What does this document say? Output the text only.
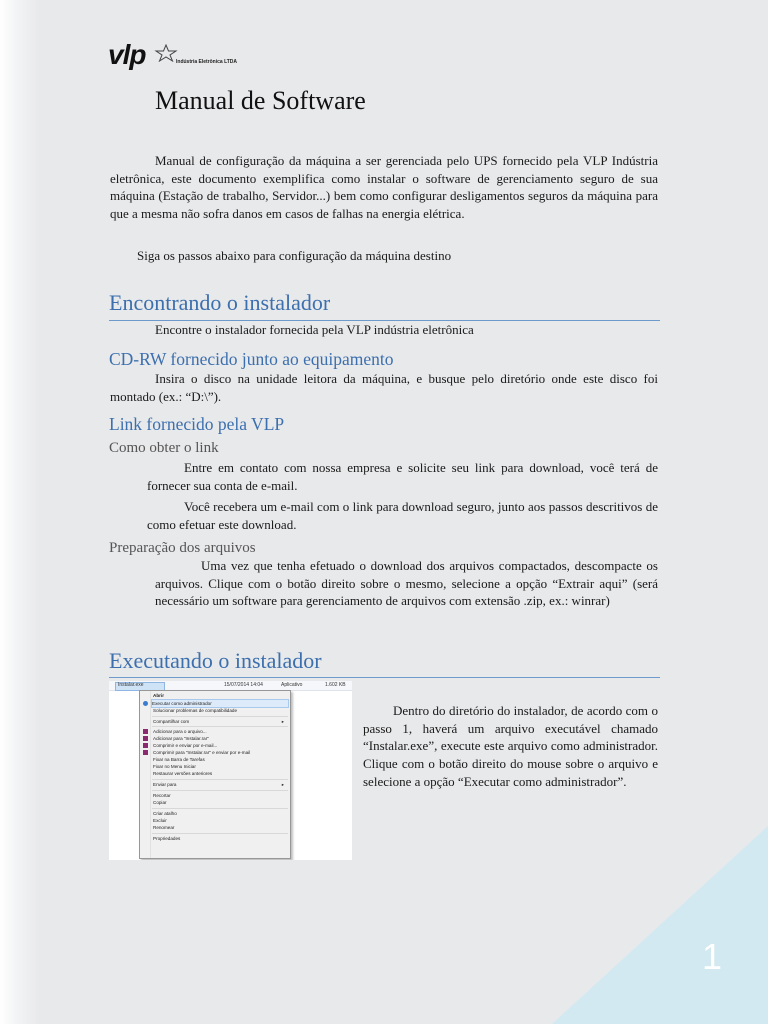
1
vlp	Indústria Eletrônica LTDA
Manual de Software

Manual de configuração da máquina a ser gerenciada pelo UPS fornecido pela VLP Indústria eletrônica, este documento exemplifica como instalar o software de gerenciamento seguro de sua máquina (Estação de trabalho, Servidor...) bem como configurar desligamentos seguros da máquina para que a mesma não sofra danos em casos de falhas na energia elétrica.

Siga os passos abaixo para configuração da máquina destino

Encontrando o instalador

Encontre o instalador fornecida pela VLP indústria eletrônica

CD-RW fornecido junto ao equipamento

Insira o disco na unidade leitora da máquina, e busque pelo diretório onde este disco foi montado (ex.: “D:\”).

Link fornecido pela VLP
Como obter o link

Entre em contato com nossa empresa e solicite seu link para download, você terá de fornecer sua conta de e-mail.

Você recebera um e-mail com o link para download seguro, junto aos passos descritivos de como efetuar este download.

Preparação dos arquivos

Uma vez que tenha efetuado o download dos arquivos compactados, descompacte os arquivos. Clique com o botão direito sobre o mesmo, selecione a opção “Extrair aqui” (será necessário um software para gerenciamento de arquivos com extensão .zip, ex.: winrar)

Executando o instalador
Instalar.exe	15/07/2014 14:04	Aplicativo	1.602 KB
Abrir
Executar como administrador
Solucionar problemas de compatibilidade
Compartilhar com	▸
Adicionar para o arquivo...
Adicionar para "Instalar.rar"
Comprimir e enviar por e-mail...
Comprimir para "Instalar.rar" e enviar por e-mail
Fixar na Barra de Tarefas
Fixar no Menu Iniciar
Restaurar versões anteriores
Enviar para	▸
Recortar
Copiar
Criar atalho
Excluir
Renomear
Propriedades

Dentro do diretório do instalador, de acordo com o passo 1, haverá um arquivo executável chamado “Instalar.exe”, execute este arquivo como administrador. Clique com o botão direito do mouse sobre o arquivo e selecione a opção “Executar como administrador”.
